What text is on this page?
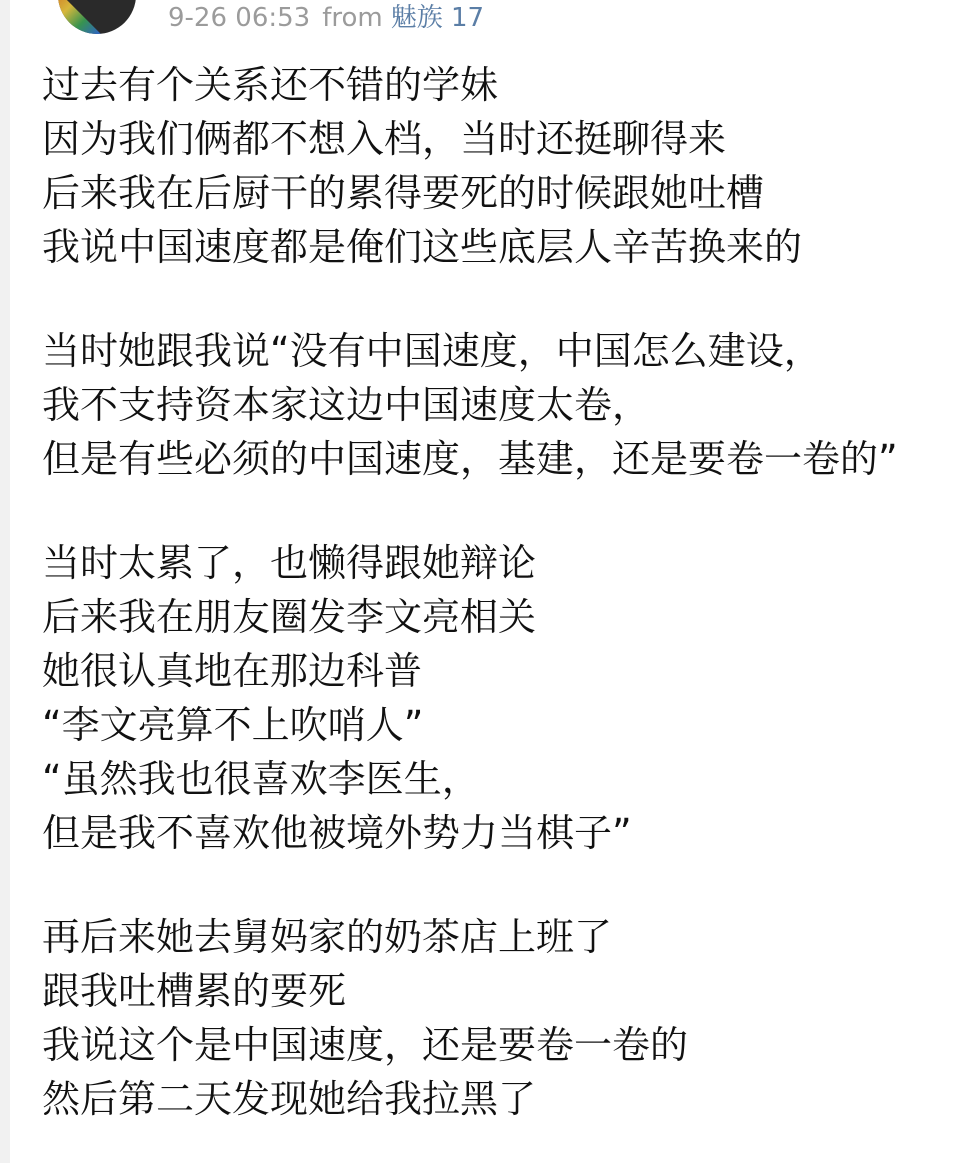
9-26 06:53 from 魅族 17
过去有个关系还不错的学妹
因为我们俩都不想入档，当时还挺聊得来
后来我在后厨干的累得要死的时候跟她吐槽
我说中国速度都是俺们这些底层人辛苦换来的
当时她跟我说“没有中国速度，中国怎么建设，
我不支持资本家这边中国速度太卷，
但是有些必须的中国速度，基建，还是要卷一卷的”
当时太累了，也懒得跟她辩论
后来我在朋友圈发李文亮相关
她很认真地在那边科普
“李文亮算不上吹哨人”
“虽然我也很喜欢李医生，
但是我不喜欢他被境外势力当棋子”
再后来她去舅妈家的奶茶店上班了
跟我吐槽累的要死
我说这个是中国速度，还是要卷一卷的
然后第二天发现她给我拉黑了
